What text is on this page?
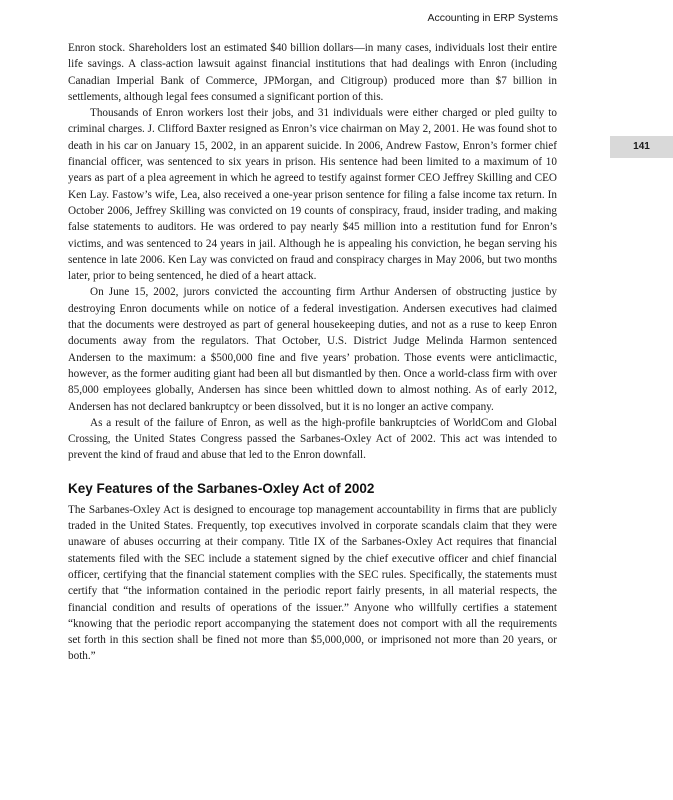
Accounting in ERP Systems
141

Enron stock. Shareholders lost an estimated $40 billion dollars—in many cases, individuals lost their entire life savings. A class-action lawsuit against financial institutions that had dealings with Enron (including Canadian Imperial Bank of Commerce, JPMorgan, and Citigroup) produced more than $7 billion in settlements, although legal fees consumed a significant portion of this.

Thousands of Enron workers lost their jobs, and 31 individuals were either charged or pled guilty to criminal charges. J. Clifford Baxter resigned as Enron’s vice chairman on May 2, 2001. He was found shot to death in his car on January 15, 2002, in an apparent suicide. In 2006, Andrew Fastow, Enron’s former chief financial officer, was sentenced to six years in prison. His sentence had been limited to a maximum of 10 years as part of a plea agreement in which he agreed to testify against former CEO Jeffrey Skilling and CEO Ken Lay. Fastow’s wife, Lea, also received a one-year prison sentence for filing a false income tax return. In October 2006, Jeffrey Skilling was convicted on 19 counts of conspiracy, fraud, insider trading, and making false statements to auditors. He was ordered to pay nearly $45 million into a restitution fund for Enron’s victims, and was sentenced to 24 years in jail. Although he is appealing his conviction, he began serving his sentence in late 2006. Ken Lay was convicted on fraud and conspiracy charges in May 2006, but two months later, prior to being sentenced, he died of a heart attack.

On June 15, 2002, jurors convicted the accounting firm Arthur Andersen of obstructing justice by destroying Enron documents while on notice of a federal investigation. Andersen executives had claimed that the documents were destroyed as part of general housekeeping duties, and not as a ruse to keep Enron documents away from the regulators. That October, U.S. District Judge Melinda Harmon sentenced Andersen to the maximum: a $500,000 fine and five years’ probation. Those events were anticlimactic, however, as the former auditing giant had been all but dismantled by then. Once a world-class firm with over 85,000 employees globally, Andersen has since been whittled down to almost nothing. As of early 2012, Andersen has not declared bankruptcy or been dissolved, but it is no longer an active company.

As a result of the failure of Enron, as well as the high-profile bankruptcies of WorldCom and Global Crossing, the United States Congress passed the Sarbanes-Oxley Act of 2002. This act was intended to prevent the kind of fraud and abuse that led to the Enron downfall.

Key Features of the Sarbanes-Oxley Act of 2002

The Sarbanes-Oxley Act is designed to encourage top management accountability in firms that are publicly traded in the United States. Frequently, top executives involved in corporate scandals claim that they were unaware of abuses occurring at their company. Title IX of the Sarbanes-Oxley Act requires that financial statements filed with the SEC include a statement signed by the chief executive officer and chief financial officer, certifying that the financial statement complies with the SEC rules. Specifically, the statements must certify that “the information contained in the periodic report fairly presents, in all material respects, the financial condition and results of operations of the issuer.” Anyone who willfully certifies a statement “knowing that the periodic report accompanying the statement does not comport with all the requirements set forth in this section shall be fined not more than $5,000,000, or imprisoned not more than 20 years, or both.”
